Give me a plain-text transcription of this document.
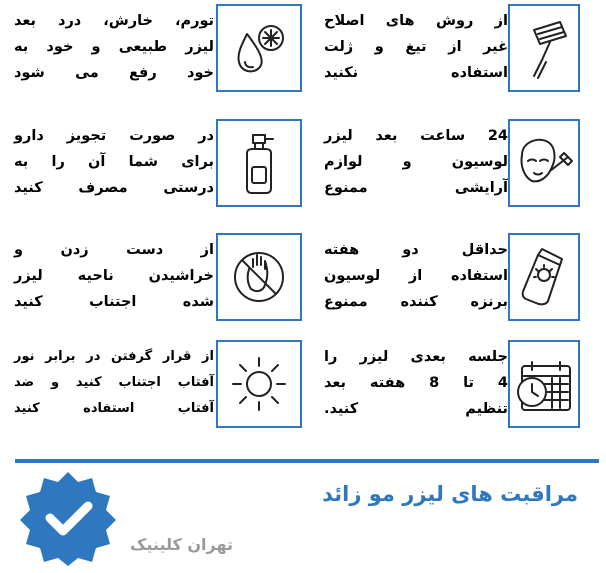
از روش های اصلاح
غیر از تیغ و ژلت
استفاده نکنید
تورم، خارش، درد بعد
لیزر طبیعی و خود به
خود رفع می شود
24 ساعت بعد لیزر
لوسیون و لوازم
آرایشی ممنوع
در صورت تجویز دارو
برای شما آن را به
درستی مصرف کنید
حداقل دو هفته
استفاده از لوسیون
برنزه کننده ممنوع
از دست زدن و
خراشیدن ناحیه لیزر
شده اجتناب کنید
جلسه بعدی لیزر را
4 تا 8 هفته بعد
تنظیم کنید.
از قرار گرفتن در برابر نور
آفتاب اجتناب کنید و ضد
آفتاب استفاده کنید
مراقبت های لیزر مو زائد
تهران کلینیک
